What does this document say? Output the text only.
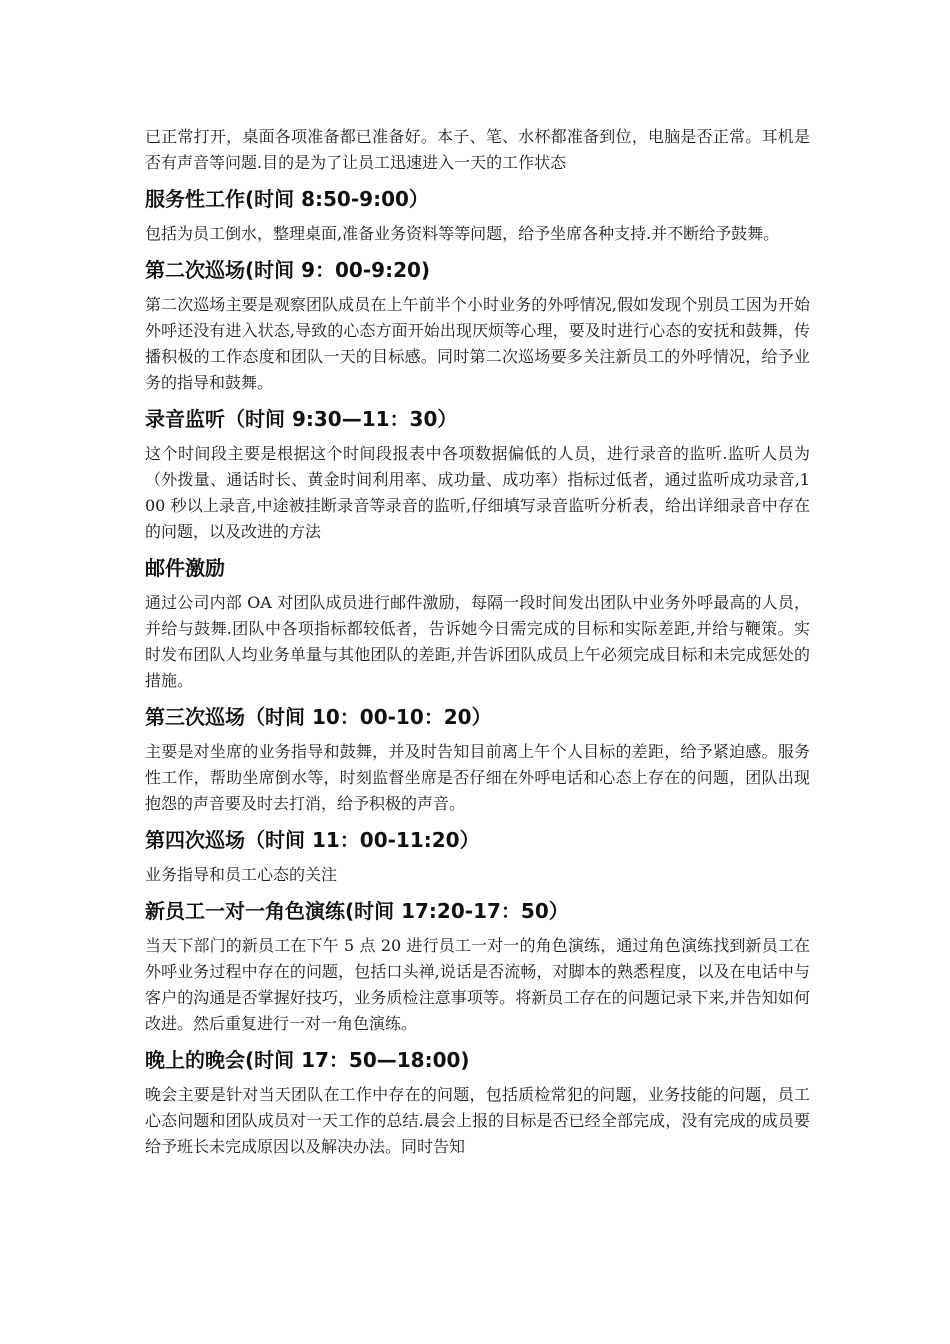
已正常打开，桌面各项准备都已准备好。本子、笔、水杯都准备到位，电脑是否正常。耳机是否有声音等问题.目的是为了让员工迅速进入一天的工作状态

服务性工作(时间 8:50-9:00）

包括为员工倒水，整理桌面,准备业务资料等等问题，给予坐席各种支持.并不断给予鼓舞。

第二次巡场(时间 9：00-9:20)

第二次巡场主要是观察团队成员在上午前半个小时业务的外呼情况,假如发现个别员工因为开始外呼还没有进入状态,导致的心态方面开始出现厌烦等心理，要及时进行心态的安抚和鼓舞，传播积极的工作态度和团队一天的目标感。同时第二次巡场要多关注新员工的外呼情况，给予业务的指导和鼓舞。

录音监听（时间 9:30—11：30）

这个时间段主要是根据这个时间段报表中各项数据偏低的人员，进行录音的监听.监听人员为（外拨量、通话时长、黄金时间利用率、成功量、成功率）指标过低者，通过监听成功录音,100 秒以上录音,中途被挂断录音等录音的监听,仔细填写录音监听分析表，给出详细录音中存在的问题，以及改进的方法

邮件激励

通过公司内部 OA 对团队成员进行邮件激励，每隔一段时间发出团队中业务外呼最高的人员，并给与鼓舞.团队中各项指标都较低者，告诉她今日需完成的目标和实际差距,并给与鞭策。实时发布团队人均业务单量与其他团队的差距,并告诉团队成员上午必须完成目标和未完成惩处的措施。

第三次巡场（时间 10：00-10：20）

主要是对坐席的业务指导和鼓舞，并及时告知目前离上午个人目标的差距，给予紧迫感。服务性工作，帮助坐席倒水等，时刻监督坐席是否仔细在外呼电话和心态上存在的问题，团队出现抱怨的声音要及时去打消，给予积极的声音。

第四次巡场（时间 11：00-11:20）

业务指导和员工心态的关注

新员工一对一角色演练(时间 17:20-17：50）

当天下部门的新员工在下午 5 点 20 进行员工一对一的角色演练，通过角色演练找到新员工在外呼业务过程中存在的问题，包括口头禅,说话是否流畅，对脚本的熟悉程度，以及在电话中与客户的沟通是否掌握好技巧，业务质检注意事项等。将新员工存在的问题记录下来,并告知如何改进。然后重复进行一对一角色演练。

晚上的晚会(时间 17：50—18:00)

晚会主要是针对当天团队在工作中存在的问题，包括质检常犯的问题，业务技能的问题，员工心态问题和团队成员对一天工作的总结.晨会上报的目标是否已经全部完成，没有完成的成员要给予班长未完成原因以及解决办法。同时告知
